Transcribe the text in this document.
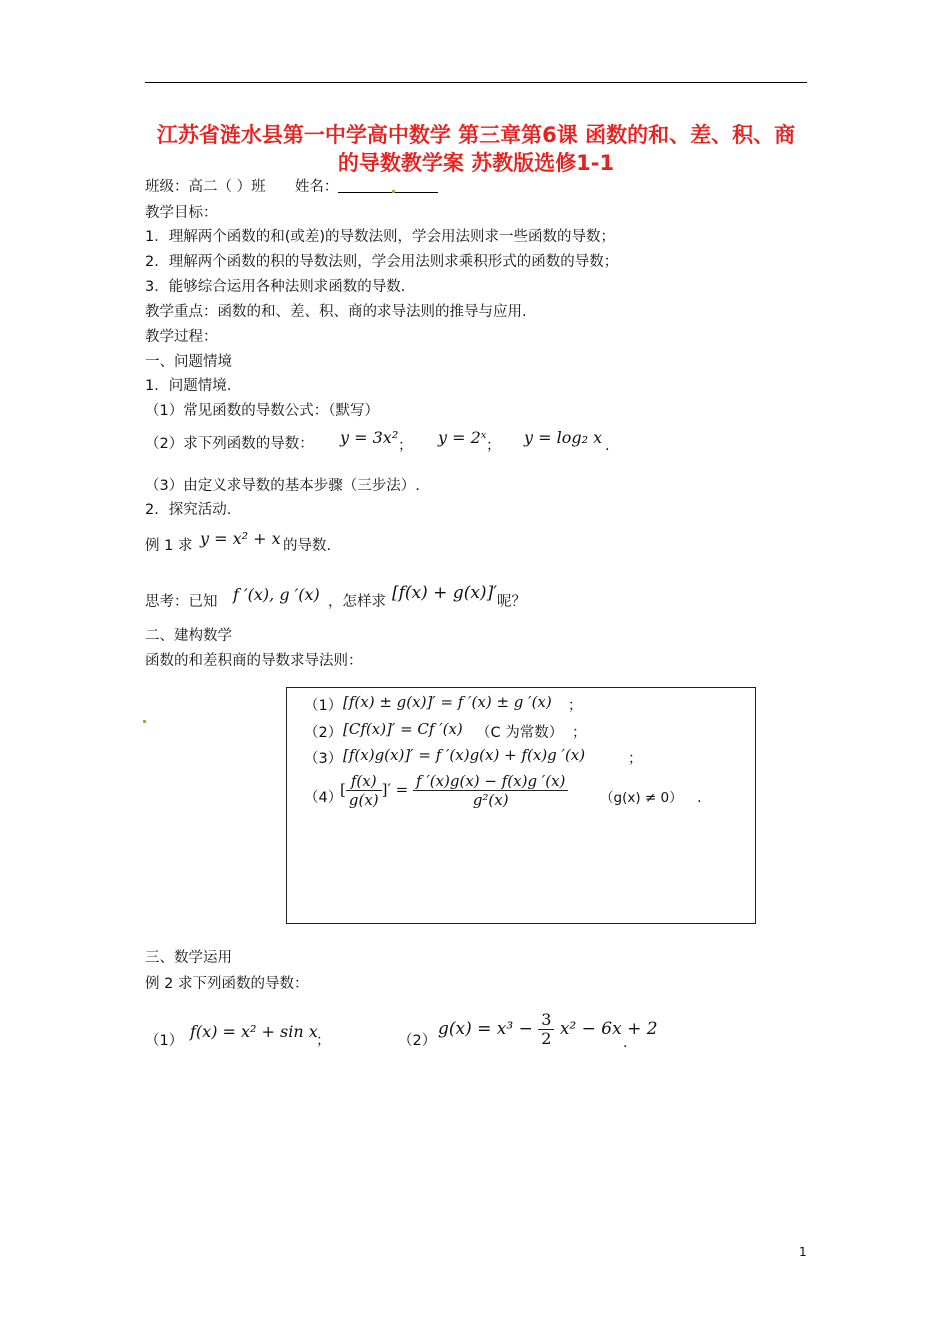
江苏省涟水县第一中学高中数学 第三章第6课 函数的和、差、积、商
的导数教学案 苏教版选修1-1
班级：高二（ ）班 姓名：
教学目标：
1．理解两个函数的和(或差)的导数法则，学会用法则求一些函数的导数；
2．理解两个函数的积的导数法则，学会用法则求乘积形式的函数的导数；
3．能够综合运用各种法则求函数的导数.
教学重点：函数的和、差、积、商的求导法则的推导与应用.
教学过程：
一、问题情境
1．问题情境.
（1）常见函数的导数公式：（默写）
（2）求下列函数的导数： y = 3x² ； y = 2ˣ ； y = log₂ x .
（3）由定义求导数的基本步骤（三步法）.
2．探究活动.
例 1 求 y = x² + x 的导数.
思考：已知 f ′(x), g ′(x) ，怎样求 [f(x) + g(x)]′ 呢？
二、建构数学
函数的和差积商的导数求导法则：
（1） [f(x) ± g(x)]′ = f ′(x) ± g ′(x) ；
（2） [Cf(x)]′ = Cf ′(x) （C 为常数） ；
（3） [f(x)g(x)]′ = f ′(x)g(x) + f(x)g ′(x)	；
（4）
[ $\frac{f(x)}{g(x)}$ ]′ = $\frac{f '(x)g(x) - f(x)g '(x)}{\text{g²(x)}} (g(x) \ne 0)$ .
三、数学运用
例 2 求下列函数的导数：
（1） f(x) = x² + sin x
；	（2）
$g(x) = x^3 - \frac{3}{2} x^2 - 6x + 2$
.
1
